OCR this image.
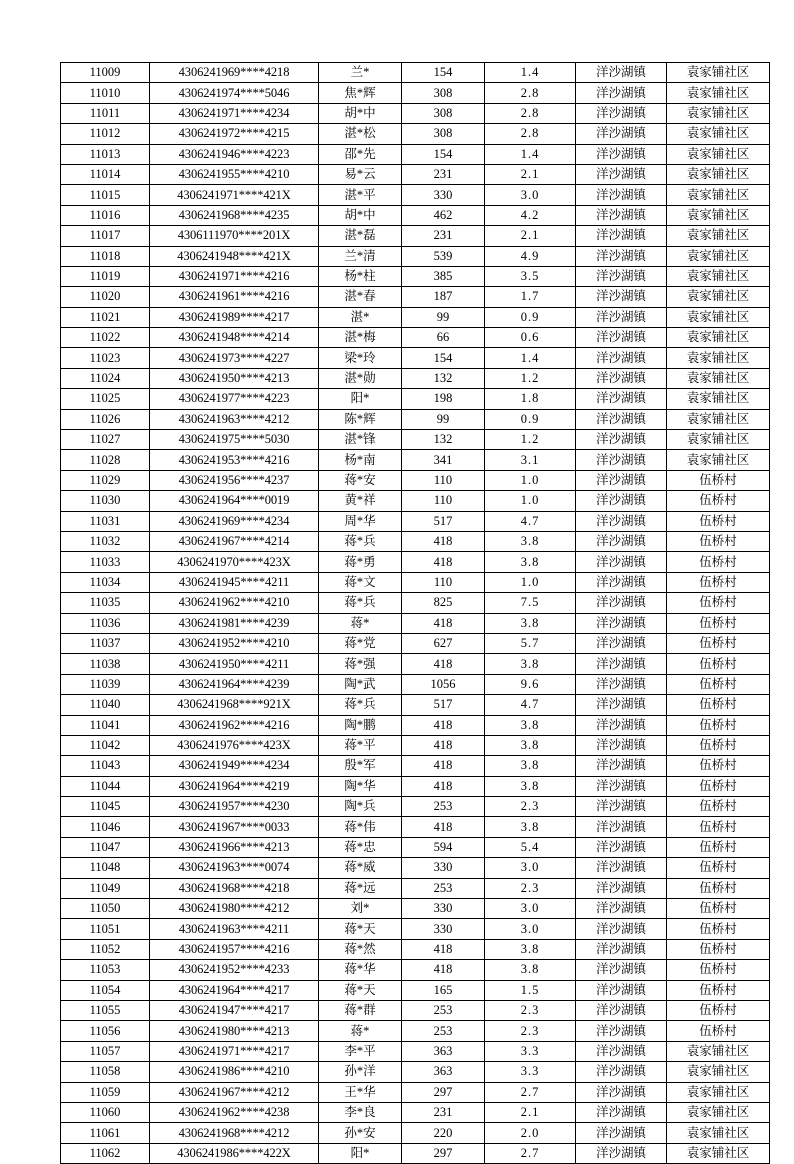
11009	4306241969****4218	兰*	154	1.4	洋沙湖镇	袁家铺社区
11010	4306241974****5046	焦*辉	308	2.8	洋沙湖镇	袁家铺社区
11011	4306241971****4234	胡*中	308	2.8	洋沙湖镇	袁家铺社区
11012	4306241972****4215	湛*松	308	2.8	洋沙湖镇	袁家铺社区
11013	4306241946****4223	邵*先	154	1.4	洋沙湖镇	袁家铺社区
11014	4306241955****4210	易*云	231	2.1	洋沙湖镇	袁家铺社区
11015	4306241971****421X	湛*平	330	3.0	洋沙湖镇	袁家铺社区
11016	4306241968****4235	胡*中	462	4.2	洋沙湖镇	袁家铺社区
11017	4306111970****201X	湛*磊	231	2.1	洋沙湖镇	袁家铺社区
11018	4306241948****421X	兰*清	539	4.9	洋沙湖镇	袁家铺社区
11019	4306241971****4216	杨*柱	385	3.5	洋沙湖镇	袁家铺社区
11020	4306241961****4216	湛*春	187	1.7	洋沙湖镇	袁家铺社区
11021	4306241989****4217	湛*	99	0.9	洋沙湖镇	袁家铺社区
11022	4306241948****4214	湛*梅	66	0.6	洋沙湖镇	袁家铺社区
11023	4306241973****4227	梁*玲	154	1.4	洋沙湖镇	袁家铺社区
11024	4306241950****4213	湛*勋	132	1.2	洋沙湖镇	袁家铺社区
11025	4306241977****4223	阳*	198	1.8	洋沙湖镇	袁家铺社区
11026	4306241963****4212	陈*辉	99	0.9	洋沙湖镇	袁家铺社区
11027	4306241975****5030	湛*锋	132	1.2	洋沙湖镇	袁家铺社区
11028	4306241953****4216	杨*南	341	3.1	洋沙湖镇	袁家铺社区
11029	4306241956****4237	蒋*安	110	1.0	洋沙湖镇	伍桥村
11030	4306241964****0019	黄*祥	110	1.0	洋沙湖镇	伍桥村
11031	4306241969****4234	周*华	517	4.7	洋沙湖镇	伍桥村
11032	4306241967****4214	蒋*兵	418	3.8	洋沙湖镇	伍桥村
11033	4306241970****423X	蒋*勇	418	3.8	洋沙湖镇	伍桥村
11034	4306241945****4211	蒋*文	110	1.0	洋沙湖镇	伍桥村
11035	4306241962****4210	蒋*兵	825	7.5	洋沙湖镇	伍桥村
11036	4306241981****4239	蒋*	418	3.8	洋沙湖镇	伍桥村
11037	4306241952****4210	蒋*党	627	5.7	洋沙湖镇	伍桥村
11038	4306241950****4211	蒋*强	418	3.8	洋沙湖镇	伍桥村
11039	4306241964****4239	陶*武	1056	9.6	洋沙湖镇	伍桥村
11040	4306241968****921X	蒋*兵	517	4.7	洋沙湖镇	伍桥村
11041	4306241962****4216	陶*鹏	418	3.8	洋沙湖镇	伍桥村
11042	4306241976****423X	蒋*平	418	3.8	洋沙湖镇	伍桥村
11043	4306241949****4234	殷*军	418	3.8	洋沙湖镇	伍桥村
11044	4306241964****4219	陶*华	418	3.8	洋沙湖镇	伍桥村
11045	4306241957****4230	陶*兵	253	2.3	洋沙湖镇	伍桥村
11046	4306241967****0033	蒋*伟	418	3.8	洋沙湖镇	伍桥村
11047	4306241966****4213	蒋*忠	594	5.4	洋沙湖镇	伍桥村
11048	4306241963****0074	蒋*威	330	3.0	洋沙湖镇	伍桥村
11049	4306241968****4218	蒋*远	253	2.3	洋沙湖镇	伍桥村
11050	4306241980****4212	刘*	330	3.0	洋沙湖镇	伍桥村
11051	4306241963****4211	蒋*天	330	3.0	洋沙湖镇	伍桥村
11052	4306241957****4216	蒋*然	418	3.8	洋沙湖镇	伍桥村
11053	4306241952****4233	蒋*华	418	3.8	洋沙湖镇	伍桥村
11054	4306241964****4217	蒋*天	165	1.5	洋沙湖镇	伍桥村
11055	4306241947****4217	蒋*群	253	2.3	洋沙湖镇	伍桥村
11056	4306241980****4213	蒋*	253	2.3	洋沙湖镇	伍桥村
11057	4306241971****4217	李*平	363	3.3	洋沙湖镇	袁家铺社区
11058	4306241986****4210	孙*洋	363	3.3	洋沙湖镇	袁家铺社区
11059	4306241967****4212	王*华	297	2.7	洋沙湖镇	袁家铺社区
11060	4306241962****4238	李*良	231	2.1	洋沙湖镇	袁家铺社区
11061	4306241968****4212	孙*安	220	2.0	洋沙湖镇	袁家铺社区
11062	4306241986****422X	阳*	297	2.7	洋沙湖镇	袁家铺社区
